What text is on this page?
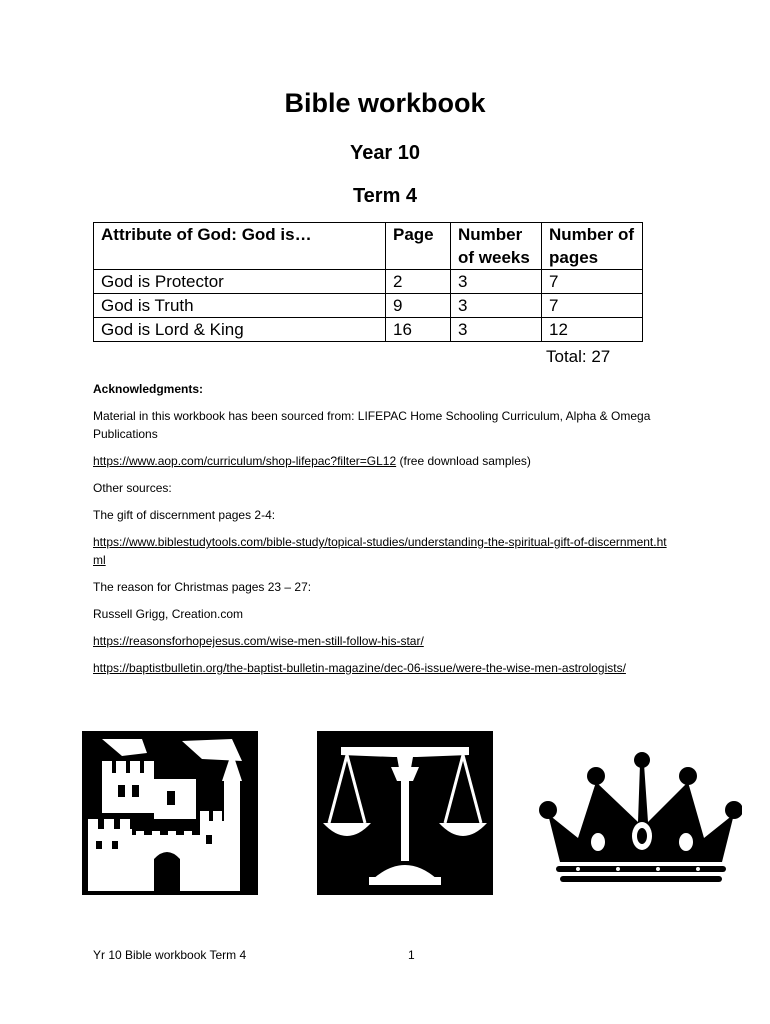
Bible workbook
Year 10
Term 4
Attribute of God: God is…	Page	Number of weeks	Number of pages
God is Protector	2	3	7
God is Truth	9	3	7
God is Lord & King	16	3	12
Total: 27

Acknowledgments:

Material in this workbook has been sourced from: LIFEPAC Home Schooling Curriculum, Alpha & Omega Publications

https://www.aop.com/curriculum/shop-lifepac?filter=GL12 (free download samples)

Other sources:

The gift of discernment pages 2-4:

https://www.biblestudytools.com/bible-study/topical-studies/understanding-the-spiritual-gift-of-discernment.html

The reason for Christmas pages 23 – 27:

Russell Grigg, Creation.com

https://reasonsforhopejesus.com/wise-men-still-follow-his-star/

https://baptistbulletin.org/the-baptist-bulletin-magazine/dec-06-issue/were-the-wise-men-astrologists/

Yr 10 Bible workbook Term 4	1
